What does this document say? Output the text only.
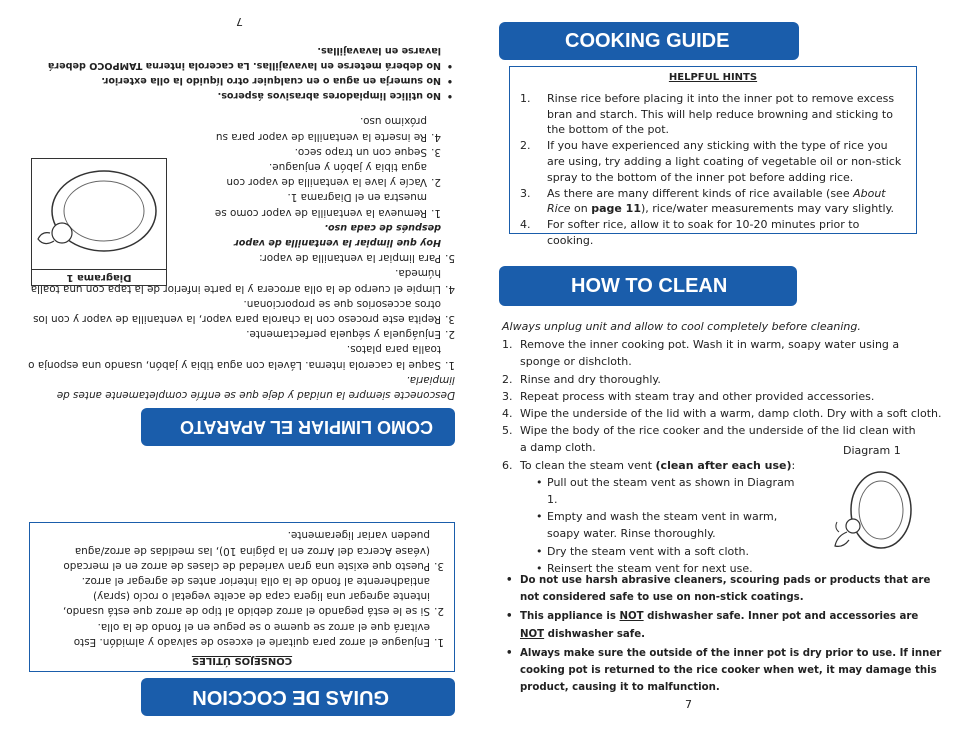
GUIAS DE COCCION
CONSEJOS ÚTILES
1.
Enjuague el arroz para quitarle el exceso de salvado y almidón. Esto evitará que el arroz se queme o se pegue en el fondo de la olla.
2.
Si se le está pegando el arroz debido al tipo de arroz que está usando, intente agregar una ligera capa de aceite vegetal o rocío (spray) antiadherente al fondo de la olla interior antes de agregar el arroz.
3.
Puesto que existe una gran variedad de clases de arroz en el mercado (véase Acerca del Arroz en la página 10), las medidas de arroz/agua pueden variar ligeramente.
COMO LIMPIAR EL APARATO
Desconecte siempre la unidad y deje que se enfríe completamente antes de limpiarla.
1.
Saque la cacerola interna. Lávela con agua tibia y jabón, usando una esponja o toalla para platos.
2.
Enjuáguela y séquela perfectamente.
3.
Repita este proceso con la charola para vapor, la ventanilla de vapor y con los otros accesorios que se proporcionan.
4.
Limpie el cuerpo de la olla arrocera y la parte inferior de la tapa con una toalla húmeda.
5.
Para limpiar la ventanilla de vapor:
Hoy que limpiar la ventanilla de vapor después de cada uso.
1.
Remueva la ventanilla de vapor como se muestra en el Diagrama 1.
2.
Vacíe y lave la ventanilla de vapor con agua tibia y jabón y enjuague.
3.
Seque con un trapo seco.
4.
Re inserte la ventanilla de vapor para su próximo uso.
•
No utilice limpiadores abrasivos ásperos.
•
No sumerja en agua o en cualquier otro líquido la olla exterior.
•
No deberá meterse en lavavajillas. La cacerola interna TAMPOCO deberá lavarse en lavavajillas.
Diagrama 1
7
COOKING GUIDE
HELPFUL HINTS
1. Rinse rice before placing it into the inner pot to remove excess bran and starch. This will help reduce browning and sticking to the bottom of the pot.
2. If you have experienced any sticking with the type of rice you are using, try adding a light coating of vegetable oil or non-stick spray to the bottom of the inner pot before adding rice.
3. As there are many different kinds of rice available (see About Rice on page 11), rice/water measurements may vary slightly.
4. For softer rice, allow it to soak for 10-20 minutes prior to cooking.
HOW TO CLEAN
Always unplug unit and allow to cool completely before cleaning.
1. Remove the inner cooking pot. Wash it in warm, soapy water using a sponge or dishcloth.
2. Rinse and dry thoroughly.
3. Repeat process with steam tray and other provided accessories.
4. Wipe the underside of the lid with a warm, damp cloth. Dry with a soft cloth.
5. Wipe the body of the rice cooker and the underside of the lid clean with a damp cloth.
6. To clean the steam vent (clean after each use):
• Pull out the steam vent as shown in Diagram 1.
• Empty and wash the steam vent in warm, soapy water. Rinse thoroughly.
• Dry the steam vent with a soft cloth.
• Reinsert the steam vent for next use.
Diagram 1
• Do not use harsh abrasive cleaners, scouring pads or products that are not considered safe to use on non-stick coatings.
• This appliance is NOT dishwasher safe. Inner pot and accessories are NOT dishwasher safe.
• Always make sure the outside of the inner pot is dry prior to use. If inner cooking pot is returned to the rice cooker when wet, it may damage this product, causing it to malfunction.
7
